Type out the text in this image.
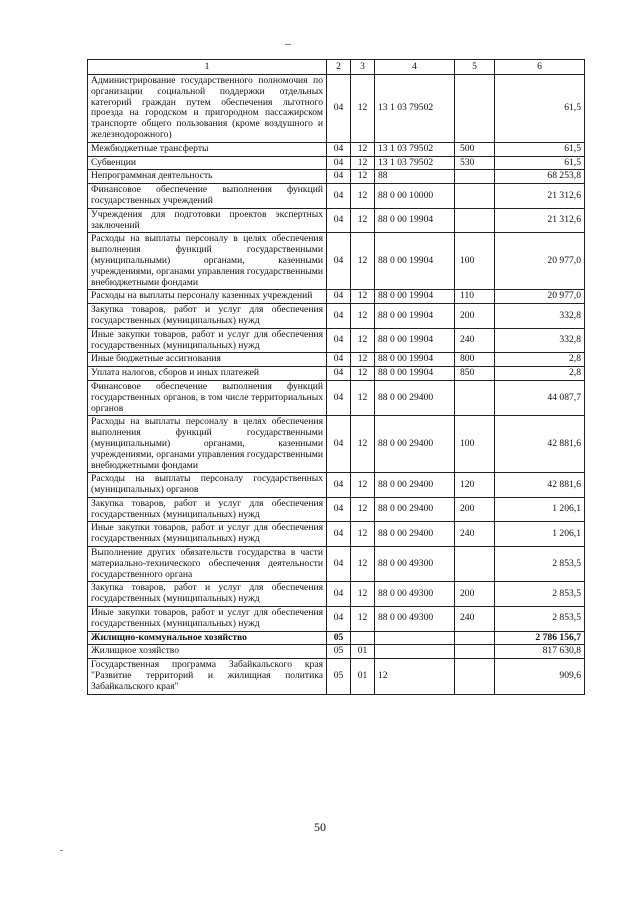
1	2	3	4	5	6
Администрирование государственного полномочия по организации социальной поддержки отдельных категорий граждан путем обеспечения льготного проезда на городском и пригородном пассажирском транспорте общего пользования (кроме воздушного и железнодорожного)	04	12	13 1 03 79502		61,5
Межбюджетные трансферты	04	12	13 1 03 79502	500	61,5
Субвенции	04	12	13 1 03 79502	530	61,5
Непрограммная деятельность	04	12	88		68 253,8
Финансовое обеспечение выполнения функций государственных учреждений	04	12	88 0 00 10000		21 312,6
Учреждения для подготовки проектов экспертных заключений	04	12	88 0 00 19904		21 312,6
Расходы на выплаты персоналу в целях обеспечения выполнения функций государственными (муниципальными) органами, казенными учреждениями, органами управления государственными внебюджетными фондами	04	12	88 0 00 19904	100	20 977,0
Расходы на выплаты персоналу казенных учреждений	04	12	88 0 00 19904	110	20 977,0
Закупка товаров, работ и услуг для обеспечения государственных (муниципальных) нужд	04	12	88 0 00 19904	200	332,8
Иные закупки товаров, работ и услуг для обеспечения государственных (муниципальных) нужд	04	12	88 0 00 19904	240	332,8
Иные бюджетные ассигнования	04	12	88 0 00 19904	800	2,8
Уплата налогов, сборов и иных платежей	04	12	88 0 00 19904	850	2,8
Финансовое обеспечение выполнения функций государственных органов, в том числе территориальных органов	04	12	88 0 00 29400		44 087,7
Расходы на выплаты персоналу в целях обеспечения выполнения функций государственными (муниципальными) органами, казенными учреждениями, органами управления государственными внебюджетными фондами	04	12	88 0 00 29400	100	42 881,6
Расходы на выплаты персоналу государственных (муниципальных) органов	04	12	88 0 00 29400	120	42 881,6
Закупка товаров, работ и услуг для обеспечения государственных (муниципальных) нужд	04	12	88 0 00 29400	200	1 206,1
Иные закупки товаров, работ и услуг для обеспечения государственных (муниципальных) нужд	04	12	88 0 00 29400	240	1 206,1
Выполнение других обязательств государства в части материально-технического обеспечения деятельности государственного органа	04	12	88 0 00 49300		2 853,5
Закупка товаров, работ и услуг для обеспечения государственных (муниципальных) нужд	04	12	88 0 00 49300	200	2 853,5
Иные закупки товаров, работ и услуг для обеспечения государственных (муниципальных) нужд	04	12	88 0 00 49300	240	2 853,5
Жилищно-коммунальное хозяйство	05				2 786 156,7
Жилищное хозяйство	05	01			817 630,8
Государственная программа Забайкальского края "Развитие территорий и жилищная политика Забайкальского края"	05	01	12		909,6
50
